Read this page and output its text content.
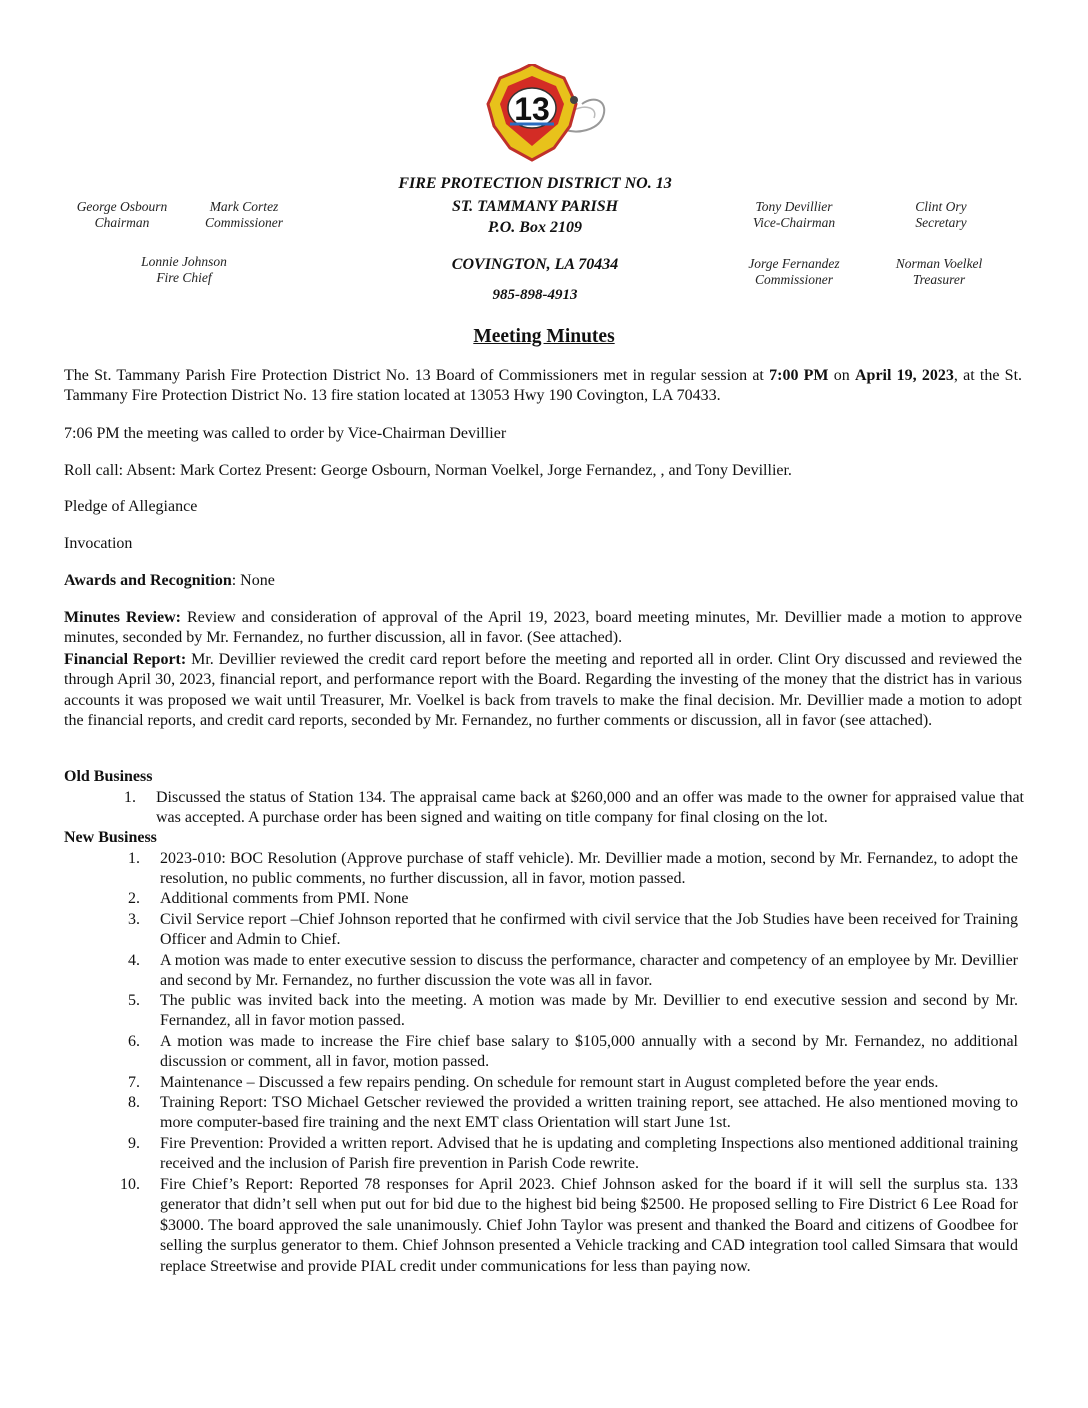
13
FIRE PROTECTION DISTRICT NO. 13
ST. TAMMANY PARISH
P.O. Box 2109
COVINGTON, LA 70434
985-898-4913
George Osbourn
Chairman
Mark Cortez
Commissioner
Lonnie Johnson
Fire Chief
Tony Devillier
Vice-Chairman
Clint Ory
Secretary
Jorge Fernandez
Commissioner
Norman Voelkel
Treasurer
Meeting Minutes
The St. Tammany Parish Fire Protection District No. 13 Board of Commissioners met in regular session at 7:00 PM on April 19, 2023, at the St. Tammany Fire Protection District No. 13 fire station located at 13053 Hwy 190 Covington, LA 70433.
7:06 PM the meeting was called to order by Vice-Chairman Devillier
Roll call: Absent: Mark Cortez Present: George Osbourn, Norman Voelkel, Jorge Fernandez, , and Tony Devillier.
Pledge of Allegiance
Invocation
Awards and Recognition: None
Minutes Review: Review and consideration of approval of the April 19, 2023, board meeting minutes, Mr. Devillier made a motion to approve minutes, seconded by Mr. Fernandez, no further discussion, all in favor. (See attached).
Financial Report: Mr. Devillier reviewed the credit card report before the meeting and reported all in order. Clint Ory discussed and reviewed the through April 30, 2023, financial report, and performance report with the Board. Regarding the investing of the money that the district has in various accounts it was proposed we wait until Treasurer, Mr. Voelkel is back from travels to make the final decision. Mr. Devillier made a motion to adopt the financial reports, and credit card reports, seconded by Mr. Fernandez, no further comments or discussion, all in favor (see attached).
Old Business
1. Discussed the status of Station 134. The appraisal came back at $260,000 and an offer was made to the owner for appraised value that was accepted. A purchase order has been signed and waiting on title company for final closing on the lot.
New Business
1. 2023-010: BOC Resolution (Approve purchase of staff vehicle). Mr. Devillier made a motion, second by Mr. Fernandez, to adopt the resolution, no public comments, no further discussion, all in favor, motion passed.
2. Additional comments from PMI. None
3. Civil Service report –Chief Johnson reported that he confirmed with civil service that the Job Studies have been received for Training Officer and Admin to Chief.
4. A motion was made to enter executive session to discuss the performance, character and competency of an employee by Mr. Devillier and second by Mr. Fernandez, no further discussion the vote was all in favor.
5. The public was invited back into the meeting. A motion was made by Mr. Devillier to end executive session and second by Mr. Fernandez, all in favor motion passed.
6. A motion was made to increase the Fire chief base salary to $105,000 annually with a second by Mr. Fernandez, no additional discussion or comment, all in favor, motion passed.
7. Maintenance – Discussed a few repairs pending. On schedule for remount start in August completed before the year ends.
8. Training Report: TSO Michael Getscher reviewed the provided a written training report, see attached. He also mentioned moving to more computer-based fire training and the next EMT class Orientation will start June 1st.
9. Fire Prevention: Provided a written report. Advised that he is updating and completing Inspections also mentioned additional training received and the inclusion of Parish fire prevention in Parish Code rewrite.
10. Fire Chief’s Report: Reported 78 responses for April 2023. Chief Johnson asked for the board if it will sell the surplus sta. 133 generator that didn’t sell when put out for bid due to the highest bid being $2500. He proposed selling to Fire District 6 Lee Road for $3000. The board approved the sale unanimously. Chief John Taylor was present and thanked the Board and citizens of Goodbee for selling the surplus generator to them. Chief Johnson presented a Vehicle tracking and CAD integration tool called Simsara that would replace Streetwise and provide PIAL credit under communications for less than paying now.
